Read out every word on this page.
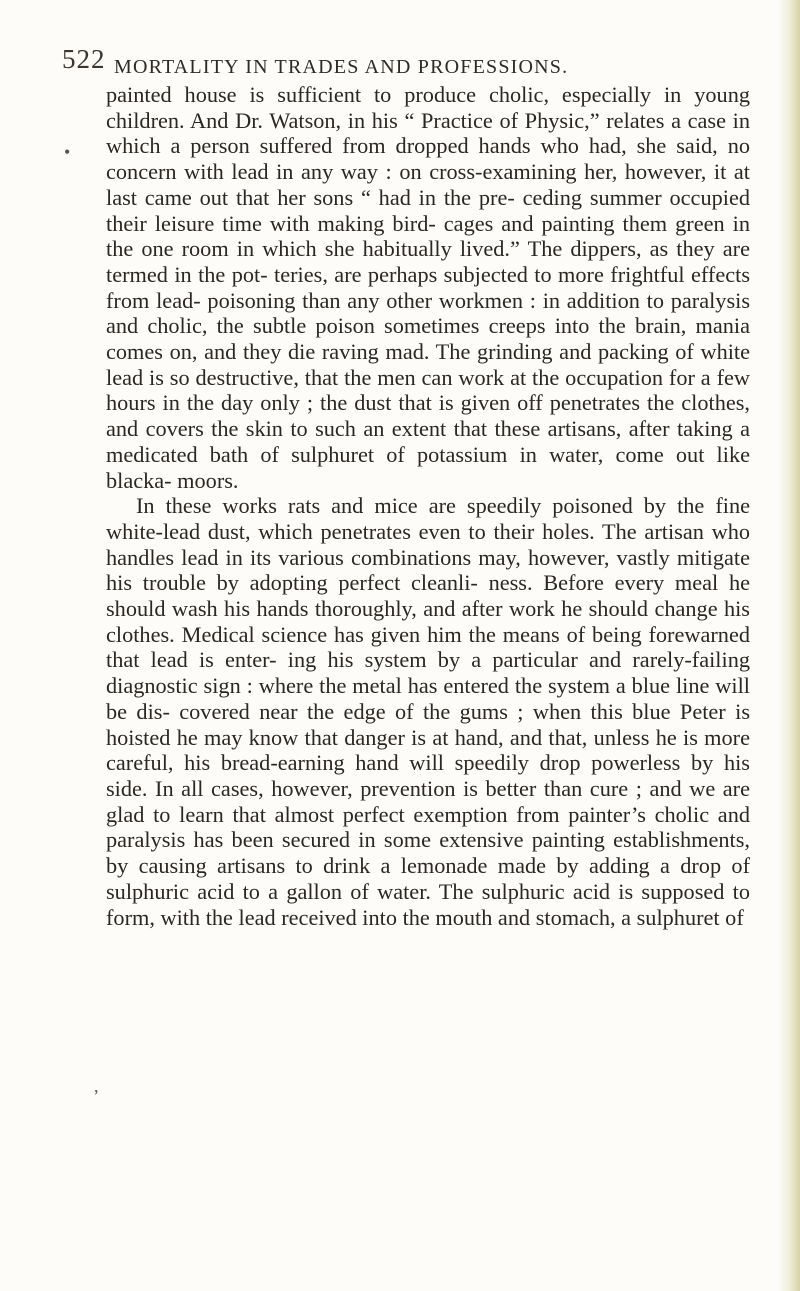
522 MORTALITY IN TRADES AND PROFESSIONS.
•
,

painted house is sufficient to produce cholic, especially in young children. And Dr. Watson, in his “ Practice of Physic,” relates a case in which a person suffered from dropped hands who had, she said, no concern with lead in any way : on cross-examining her, however, it at last came out that her sons “ had in the pre- ceding summer occupied their leisure time with making bird- cages and painting them green in the one room in which she habitually lived.” The dippers, as they are termed in the pot- teries, are perhaps subjected to more frightful effects from lead- poisoning than any other workmen : in addition to paralysis and cholic, the subtle poison sometimes creeps into the brain, mania comes on, and they die raving mad. The grinding and packing of white lead is so destructive, that the men can work at the occupation for a few hours in the day only ; the dust that is given off penetrates the clothes, and covers the skin to such an extent that these artisans, after taking a medicated bath of sulphuret of potassium in water, come out like blacka- moors.

In these works rats and mice are speedily poisoned by the fine white-lead dust, which penetrates even to their holes. The artisan who handles lead in its various combinations may, however, vastly mitigate his trouble by adopting perfect cleanli- ness. Before every meal he should wash his hands thoroughly, and after work he should change his clothes. Medical science has given him the means of being forewarned that lead is enter- ing his system by a particular and rarely-failing diagnostic sign : where the metal has entered the system a blue line will be dis- covered near the edge of the gums ; when this blue Peter is hoisted he may know that danger is at hand, and that, unless he is more careful, his bread-earning hand will speedily drop powerless by his side. In all cases, however, prevention is better than cure ; and we are glad to learn that almost perfect exemption from painter’s cholic and paralysis has been secured in some extensive painting establishments, by causing artisans to drink a lemonade made by adding a drop of sulphuric acid to a gallon of water. The sulphuric acid is supposed to form, with the lead received into the mouth and stomach, a sulphuret of
